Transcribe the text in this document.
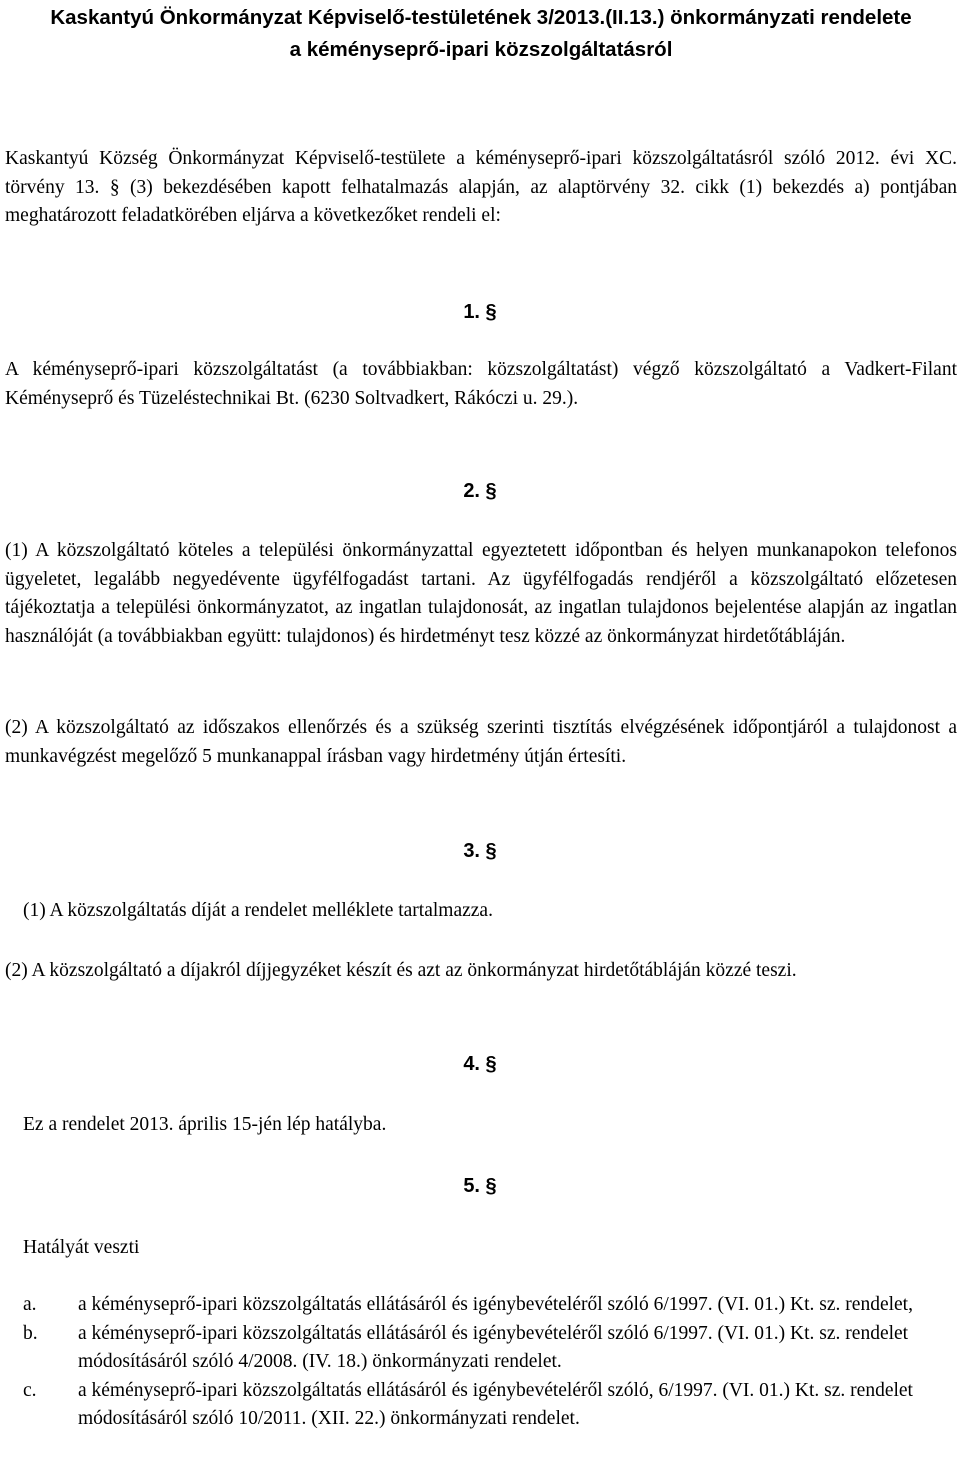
Kaskantyú Önkormányzat Képviselő-testületének 3/2013.(II.13.) önkormányzati rendelete
a kéményseprő-ipari közszolgáltatásról

Kaskantyú Község Önkormányzat Képviselő-testülete a kéményseprő-ipari közszolgáltatásról szóló 2012. évi XC. törvény 13. § (3) bekezdésében kapott felhatalmazás alapján, az alaptörvény 32. cikk (1) bekezdés a) pontjában meghatározott feladatkörében eljárva a következőket rendeli el:

1. §

A kéményseprő-ipari közszolgáltatást (a továbbiakban: közszolgáltatást) végző közszolgáltató a Vadkert-Filant Kéményseprő és Tüzeléstechnikai Bt. (6230 Soltvadkert, Rákóczi u. 29.).

2. §

(1) A közszolgáltató köteles a települési önkormányzattal egyeztetett időpontban és helyen munkanapokon telefonos ügyeletet, legalább negyedévente ügyfélfogadást tartani. Az ügyfélfogadás rendjéről a közszolgáltató előzetesen tájékoztatja a települési önkormányzatot, az ingatlan tulajdonosát, az ingatlan tulajdonos bejelentése alapján az ingatlan használóját (a továbbiakban együtt: tulajdonos) és hirdetményt tesz közzé az önkormányzat hirdetőtábláján.

(2) A közszolgáltató az időszakos ellenőrzés és a szükség szerinti tisztítás elvégzésének időpontjáról a tulajdonost a munkavégzést megelőző 5 munkanappal írásban vagy hirdetmény útján értesíti.

3. §

(1) A közszolgáltatás díját a rendelet melléklete tartalmazza.

(2) A közszolgáltató a díjakról díjjegyzéket készít és azt az önkormányzat hirdetőtábláján közzé teszi.

4. §

Ez a rendelet 2013. április 15-jén lép hatályba.

5. §

Hatályát veszti

a. a kéményseprő-ipari közszolgáltatás ellátásáról és igénybevételéről szóló 6/1997. (VI. 01.) Kt. sz. rendelet,
b. a kéményseprő-ipari közszolgáltatás ellátásáról és igénybevételéről szóló 6/1997. (VI. 01.) Kt. sz. rendelet módosításáról szóló 4/2008. (IV. 18.) önkormányzati rendelet.
c. a kéményseprő-ipari közszolgáltatás ellátásáról és igénybevételéről szóló, 6/1997. (VI. 01.) Kt. sz. rendelet módosításáról szóló 10/2011. (XII. 22.) önkormányzati rendelet.
